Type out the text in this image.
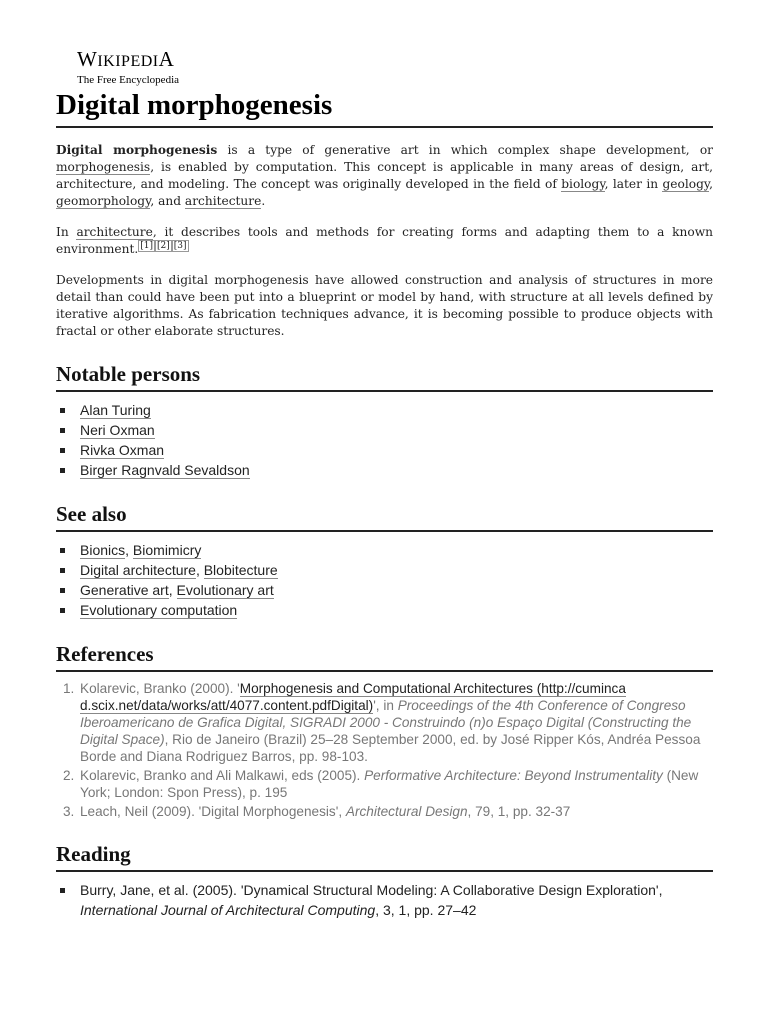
WIKIPEDIA
The Free Encyclopedia
Digital morphogenesis

Digital morphogenesis is a type of generative art in which complex shape development, or morphogenesis, is enabled by computation. This concept is applicable in many areas of design, art, architecture, and modeling. The concept was originally developed in the field of biology, later in geology, geomorphology, and architecture.

In architecture, it describes tools and methods for creating forms and adapting them to a known environment. [1] [2] [3]

Developments in digital morphogenesis have allowed construction and analysis of structures in more detail than could have been put into a blueprint or model by hand, with structure at all levels defined by iterative algorithms. As fabrication techniques advance, it is becoming possible to produce objects with fractal or other elaborate structures.

Notable persons
Alan Turing
Neri Oxman
Rivka Oxman
Birger Ragnvald Sevaldson
See also
Bionics, Biomimicry
Digital architecture, Blobitecture
Generative art, Evolutionary art
Evolutionary computation
References
1. Kolarevic, Branko (2000). 'Morphogenesis and Computational Architectures (http://cuminca d.scix.net/data/works/att/4077.content.pdfDigital)', in Proceedings of the 4th Conference of Congreso Iberoamericano de Grafica Digital, SIGRADI 2000 - Construindo (n)o Espaço Digital (Constructing the Digital Space), Rio de Janeiro (Brazil) 25–28 September 2000, ed. by José Ripper Kós, Andréa Pessoa Borde and Diana Rodriguez Barros, pp. 98-103.
2. Kolarevic, Branko and Ali Malkawi, eds (2005). Performative Architecture: Beyond Instrumentality (New York; London: Spon Press), p. 195
3. Leach, Neil (2009). 'Digital Morphogenesis', Architectural Design, 79, 1, pp. 32-37
Reading
Burry, Jane, et al. (2005). 'Dynamical Structural Modeling: A Collaborative Design Exploration', International Journal of Architectural Computing, 3, 1, pp. 27–42
